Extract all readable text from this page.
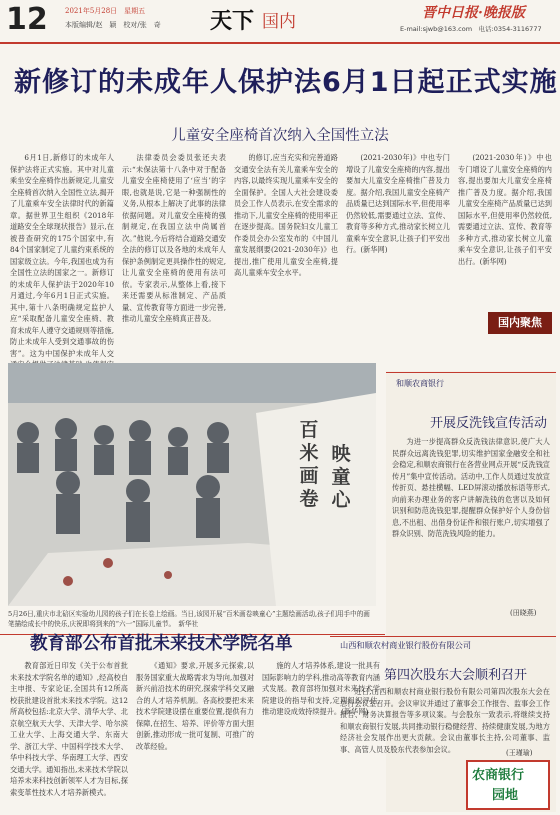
12 2021年5月28日　星期五
本版编辑/赵　颖　校对/张　奇 天下 国内	晋中日报·晚报版
E-mail:sjwb@163.com　电话:0354-3116777
新修订的未成年人保护法6月1日起正式实施
儿童安全座椅首次纳入全国性立法

6月1日,新修订的未成年人保护法将正式实施。其中对儿童乘坐安全座椅作出新规定,儿童安全座椅首次纳入全国性立法,揭开了儿童乘车安全法律时代的新篇章。据世界卫生组织《2018年道路安全全球现状报告》显示,在被普查研究的175个国家中,有84个国家制定了儿童约束系统的国家级立法。今年,我国也成为有全国性立法的国家之一。新修订的未成年人保护法于2020年10月通过,今年6月1日正式实施。其中,第十八条明确规定监护人应“采取配备儿童安全座椅、教育未成年人遵守交通规则等措施,防止未成年人受到交通事故的伤害”。这为中国保护未成年人交

法律委员会委员张还夫表示:“未保法第十八条中对于配备儿童安全座椅使用了‘应当’的字眼,也就是说,它是一种强制性的义务,从根本上解决了此事的法律依据问题。对儿童安全座椅的强制规定,在我国立法中尚属首次。”他说,今后将结合道路交通安全法的修订以及各地的未成年人保护条例制定更具操作性的规定,让儿童安全座椅的使用有法可依。专家表示,从整体上看,接下来还需要从标准制定、产品质量、宣传教育等方面进一步完善,推动儿童安全座椅真正普及。

的修订,应当充实和完善道路交通安全法有关儿童乘车安全的内容,以最终实现儿童乘车安全的全面保护。全国人大社会建设委员会工作人员表示,在安全需求的推动下,儿童安全座椅的使用率正在逐步提高。国务院妇女儿童工作委员会办公室发布的《中国儿童发展纲要(2021-2030年)》也提出,推广使用儿童安全座椅,提高儿童乘车安全水平。

(2021-2030年)》中也专门增设了儿童安全座椅的内容,提出要加大儿童安全座椅推广普及力度。据介绍,我国儿童安全座椅产品质量已达到国际水平,但使用率仍然较低,需要通过立法、宣传、教育等多种方式,推动家长树立儿童乘车安全意识,让孩子们平安出行。(新华网)

(2021-2030年)》中也专门增设了儿童安全座椅的内容,提出要加大儿童安全座椅推广普及力度。据介绍,我国儿童安全座椅产品质量已达到国际水平,但使用率仍然较低,需要通过立法、宣传、教育等多种方式,推动家长树立儿童乘车安全意识,让孩子们平安出行。(新华网)

国内聚焦
百米画卷
映童心
5月26日,重庆市北碚区实验幼儿园的孩子们在长卷上绘画。当日,该园开展“百米画卷映童心”主题绘画活动,孩子们用手中的画笔描绘成长中的快乐,庆祝即将到来的“六一”国际儿童节。　新华社
教育部公布首批未来技术学院名单

教育部近日印发《关于公布首批未来技术学院名单的通知》,经高校自主申报、专家论证,全国共有12所高校获批建设首批未来技术学院。这12所高校包括:北京大学、清华大学、北京航空航天大学、天津大学、哈尔滨工业大学、上海交通大学、东南大学、浙江大学、中国科学技术大学、华中科技大学、华南理工大学、西安交通大学。通知指出,未来技术学院以培养未来科技创新领军人才为目标,探索变革性技术人才培养新模式。

《通知》要求,开展多元探索,以服务国家重大战略需求为导向,加强对新兴前沿技术的研究,探索学科交叉融合的人才培养机制。各高校要把未来技术学院建设摆在重要位置,提供有力保障,在招生、培养、评价等方面大胆创新,推动形成一批可复制、可推广的改革经验。

施的人才培养体系,建设一批具有国际影响力的学科,推动高等教育内涵式发展。教育部将加强对未来技术学院建设的指导和支持,定期组织评估,推动建设成效持续提升。(新华网)

和顺农商银行
开展反洗钱宣传活动

为进一步提高群众反洗钱法律意识,使广大人民群众远离洗钱犯罪,切实维护国家金融安全和社会稳定,和顺农商银行在各营业网点开展“反洗钱宣传月”集中宣传活动。活动中,工作人员通过发放宣传折页、悬挂横幅、LED屏滚动播放标语等形式,向前来办理业务的客户讲解洗钱的危害以及如何识别和防范洗钱犯罪,提醒群众保护好个人身份信息,不出租、出借身份证件和银行账户,切实增强了群众识别、防范洗钱风险的能力。

(田晓燕)
山西和顺农村商业银行股份有限公司
第四次股东大会顺利召开

近日,山西和顺农村商业银行股份有限公司第四次股东大会在总行会议室召开。会议审议并通过了董事会工作报告、监事会工作报告、财务决算报告等多项议案。与会股东一致表示,将继续支持和顺农商银行发展,共同推动银行稳健经营、持续健康发展,为地方经济社会发展作出更大贡献。会议由董事长主持,公司董事、监事、高管人员及股东代表参加会议。	(王瑾瑜)
农商银行
园地
